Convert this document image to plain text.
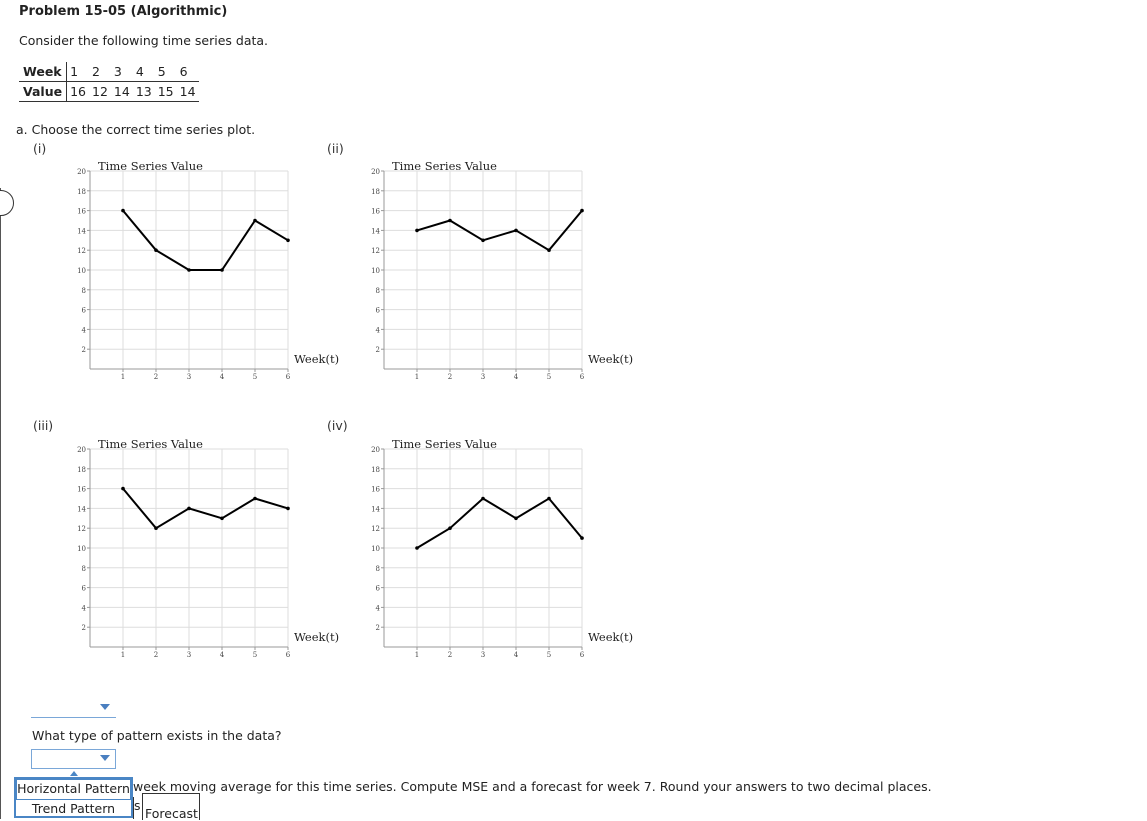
Problem 15-05 (Algorithmic)
Consider the following time series data.
Week	1	2	3	4	5	6
Value	16	12	14	13	15	14
a. Choose the correct time series plot.
(i)	(ii)
(iii)	(iv)
2
4
6
8
10
12
14
16
18
20
1	2	3	4	5	6
Time Series Value
Week(t)
2
4
6
8
10
12
14
16
18
20
1	2	3	4	5	6
Time Series Value
Week(t)
2
4
6
8
10
12
14
16
18
20
1	2	3	4	5	6
Time Series Value
Week(t)
2
4
6
8
10
12
14
16
18
20
1	2	3	4	5	6
Time Series Value
Week(t)
What type of pattern exists in the data?
Horizontal Pattern
Trend Pattern
week moving average for this time series. Compute MSE and a forecast for week 7. Round your answers to two decimal places.
s
Forecast
